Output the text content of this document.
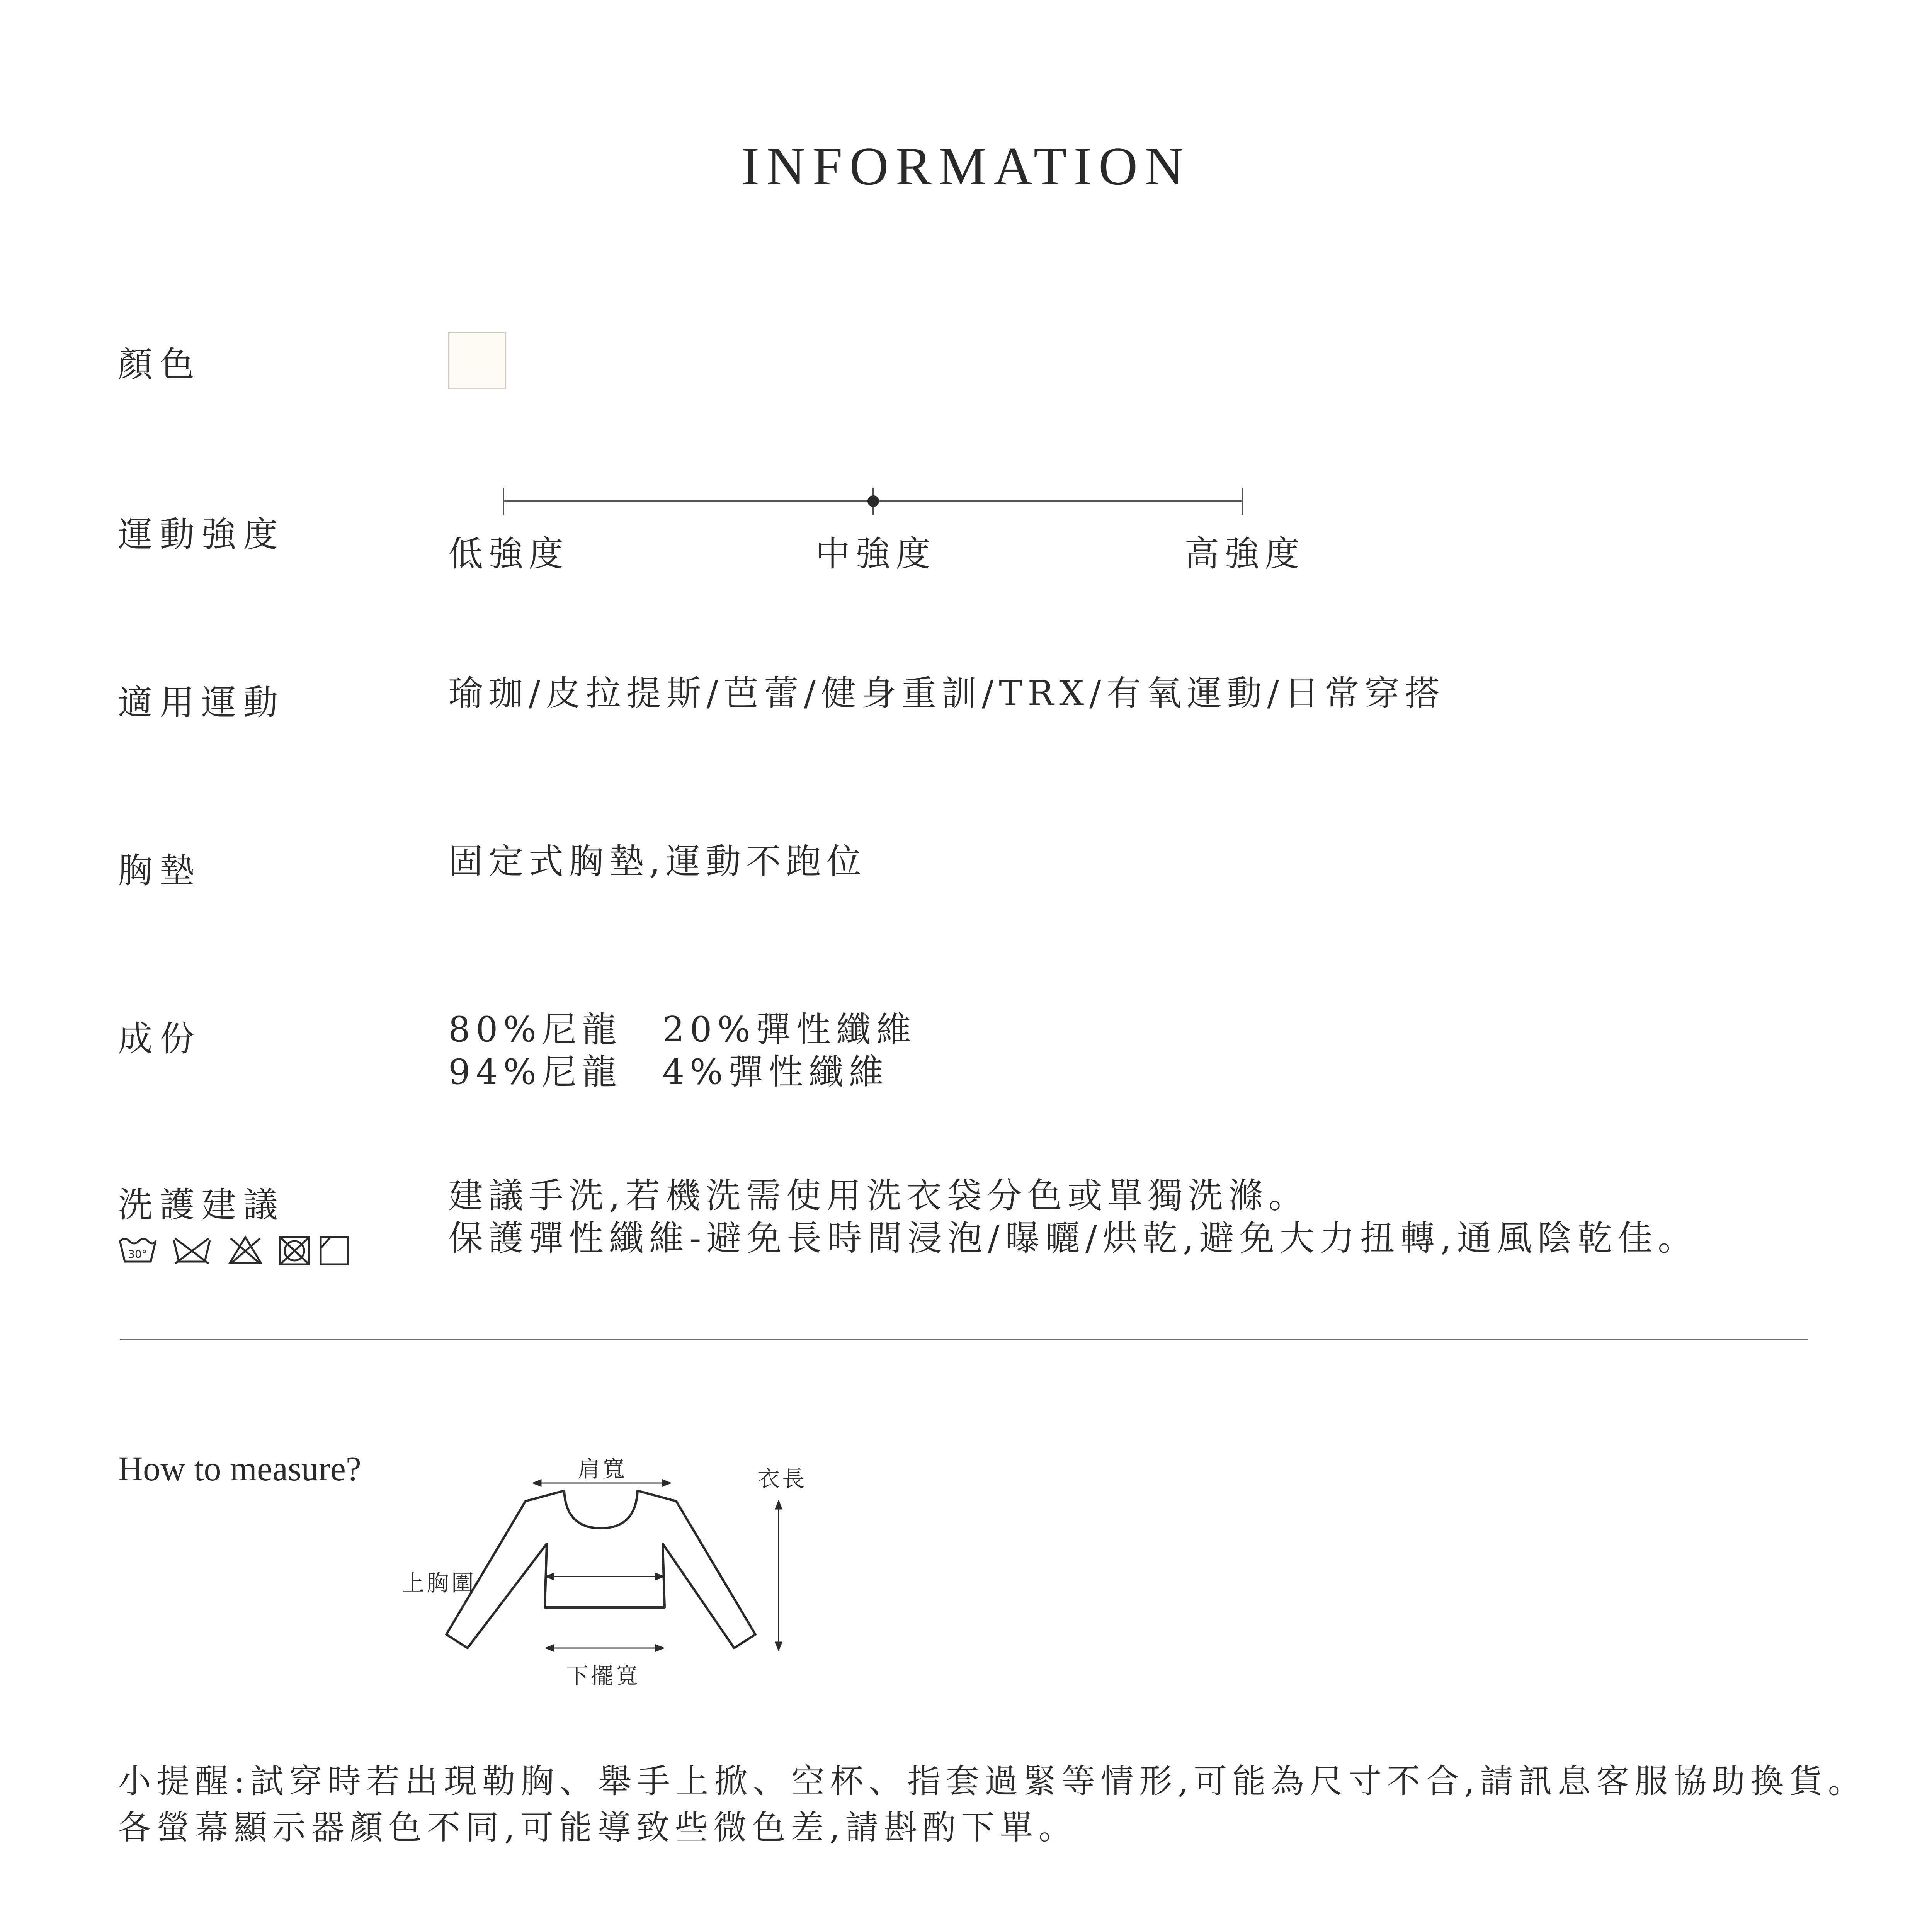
INFORMATION
顏色
運動強度	低強度	中強度	高強度
適用運動	瑜珈/皮拉提斯/芭蕾/健身重訓/TRX/有氧運動/日常穿搭
胸墊	固定式胸墊,運動不跑位
成份	80%尼龍　20%彈性纖維
94%尼龍　4%彈性纖維
洗護建議	建議手洗,若機洗需使用洗衣袋分色或單獨洗滌。
保護彈性纖維-避免長時間浸泡/曝曬/烘乾,避免大力扭轉,通風陰乾佳。
30°
How to measure?	肩寬	衣長
上胸圍
下擺寬
小提醒:試穿時若出現勒胸、舉手上掀、空杯、指套過緊等情形,可能為尺寸不合,請訊息客服協助換貨。
各螢幕顯示器顏色不同,可能導致些微色差,請斟酌下單。
